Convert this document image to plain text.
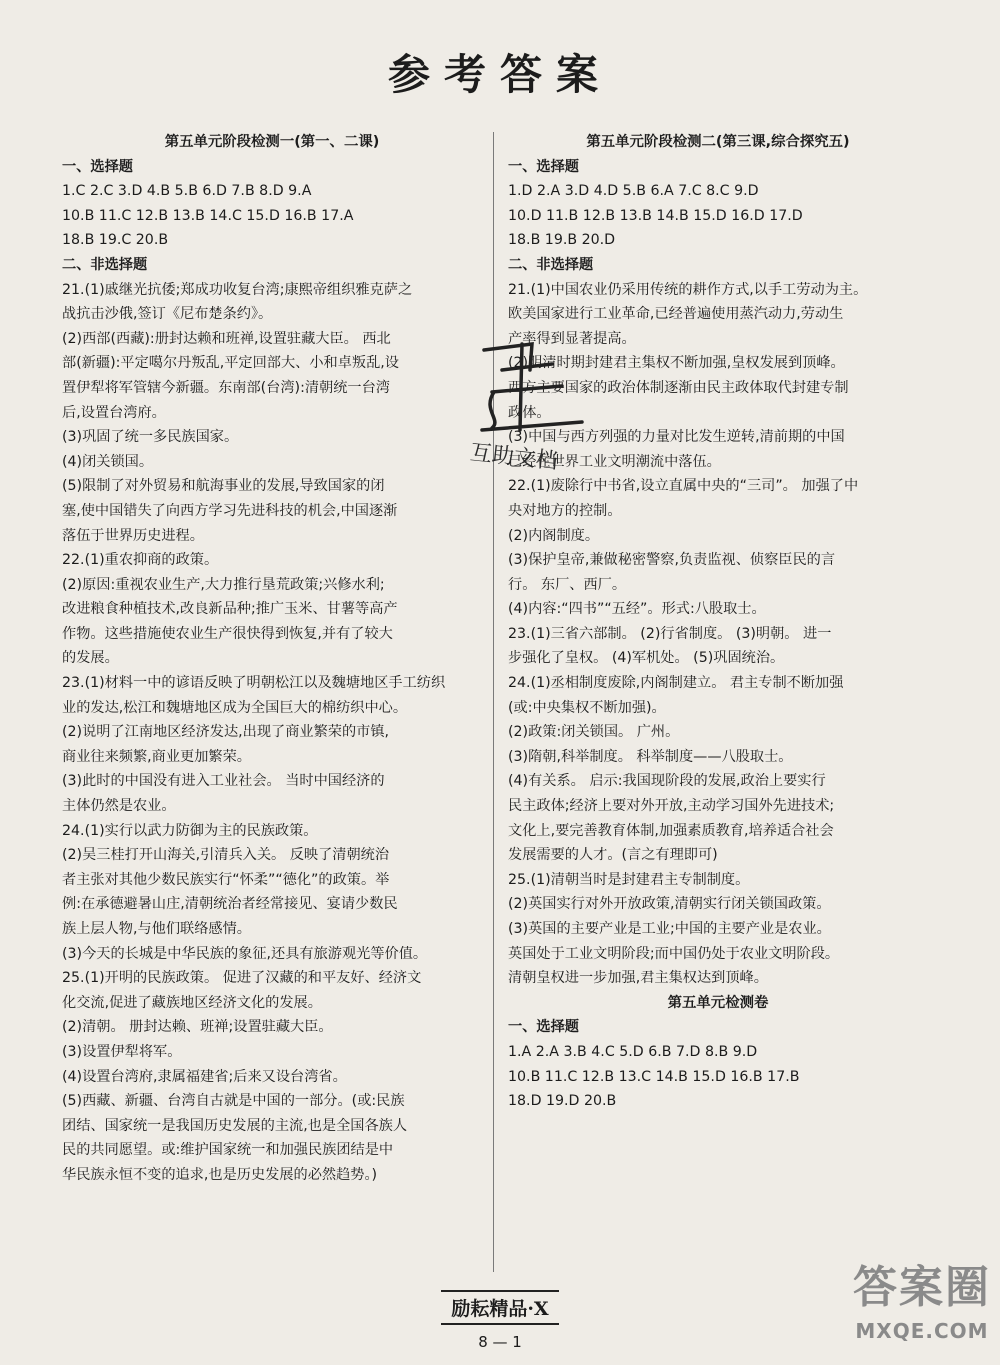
参考答案
第五单元阶段检测一(第一、二课)
一、选择题
1.C 2.C 3.D 4.B 5.B 6.D 7.B 8.D 9.A
10.B 11.C 12.B 13.B 14.C 15.D 16.B 17.A
18.B 19.C 20.B
二、非选择题
21.(1)戚继光抗倭;郑成功收复台湾;康熙帝组织雅克萨之
战抗击沙俄,签订《尼布楚条约》。
(2)西部(西藏):册封达赖和班禅,设置驻藏大臣。 西北
部(新疆):平定噶尔丹叛乱,平定回部大、小和卓叛乱,设
置伊犁将军管辖今新疆。东南部(台湾):清朝统一台湾
后,设置台湾府。
(3)巩固了统一多民族国家。
(4)闭关锁国。
(5)限制了对外贸易和航海事业的发展,导致国家的闭
塞,使中国错失了向西方学习先进科技的机会,中国逐渐
落伍于世界历史进程。
22.(1)重农抑商的政策。
(2)原因:重视农业生产,大力推行垦荒政策;兴修水利;
改进粮食种植技术,改良新品种;推广玉米、甘薯等高产
作物。这些措施使农业生产很快得到恢复,并有了较大
的发展。
23.(1)材料一中的谚语反映了明朝松江以及魏塘地区手工纺织
业的发达,松江和魏塘地区成为全国巨大的棉纺织中心。
(2)说明了江南地区经济发达,出现了商业繁荣的市镇,
商业往来频繁,商业更加繁荣。
(3)此时的中国没有进入工业社会。 当时中国经济的
主体仍然是农业。
24.(1)实行以武力防御为主的民族政策。
(2)吴三桂打开山海关,引清兵入关。 反映了清朝统治
者主张对其他少数民族实行“怀柔”“德化”的政策。举
例:在承德避暑山庄,清朝统治者经常接见、宴请少数民
族上层人物,与他们联络感情。
(3)今天的长城是中华民族的象征,还具有旅游观光等价值。
25.(1)开明的民族政策。 促进了汉藏的和平友好、经济文
化交流,促进了藏族地区经济文化的发展。
(2)清朝。 册封达赖、班禅;设置驻藏大臣。
(3)设置伊犁将军。
(4)设置台湾府,隶属福建省;后来又设台湾省。
(5)西藏、新疆、台湾自古就是中国的一部分。(或:民族
团结、国家统一是我国历史发展的主流,也是全国各族人
民的共同愿望。或:维护国家统一和加强民族团结是中
华民族永恒不变的追求,也是历史发展的必然趋势。)
第五单元阶段检测二(第三课,综合探究五)
一、选择题
1.D 2.A 3.D 4.D 5.B 6.A 7.C 8.C 9.D
10.D 11.B 12.B 13.B 14.B 15.D 16.D 17.D
18.B 19.B 20.D
二、非选择题
21.(1)中国农业仍采用传统的耕作方式,以手工劳动为主。
欧美国家进行工业革命,已经普遍使用蒸汽动力,劳动生
产率得到显著提高。
(2)明清时期封建君主集权不断加强,皇权发展到顶峰。
西方主要国家的政治体制逐渐由民主政体取代封建专制
政体。
(3)中国与西方列强的力量对比发生逆转,清前期的中国
已经在世界工业文明潮流中落伍。
22.(1)废除行中书省,设立直属中央的“三司”。 加强了中
央对地方的控制。
(2)内阁制度。
(3)保护皇帝,兼做秘密警察,负责监视、侦察臣民的言
行。 东厂、西厂。
(4)内容:“四书”“五经”。形式:八股取士。
23.(1)三省六部制。 (2)行省制度。 (3)明朝。 进一
步强化了皇权。 (4)军机处。 (5)巩固统治。
24.(1)丞相制度废除,内阁制建立。 君主专制不断加强
(或:中央集权不断加强)。
(2)政策:闭关锁国。 广州。
(3)隋朝,科举制度。 科举制度——八股取士。
(4)有关系。 启示:我国现阶段的发展,政治上要实行
民主政体;经济上要对外开放,主动学习国外先进技术;
文化上,要完善教育体制,加强素质教育,培养适合社会
发展需要的人才。(言之有理即可)
25.(1)清朝当时是封建君主专制制度。
(2)英国实行对外开放政策,清朝实行闭关锁国政策。
(3)英国的主要产业是工业;中国的主要产业是农业。
英国处于工业文明阶段;而中国仍处于农业文明阶段。
清朝皇权进一步加强,君主集权达到顶峰。
第五单元检测卷
一、选择题
1.A 2.A 3.B 4.C 5.D 6.B 7.D 8.B 9.D
10.B 11.C 12.B 13.C 14.B 15.D 16.B 17.B
18.D 19.D 20.B
互助文档
励耘精品·X
8 — 1
答案圈
MXQE.COM
